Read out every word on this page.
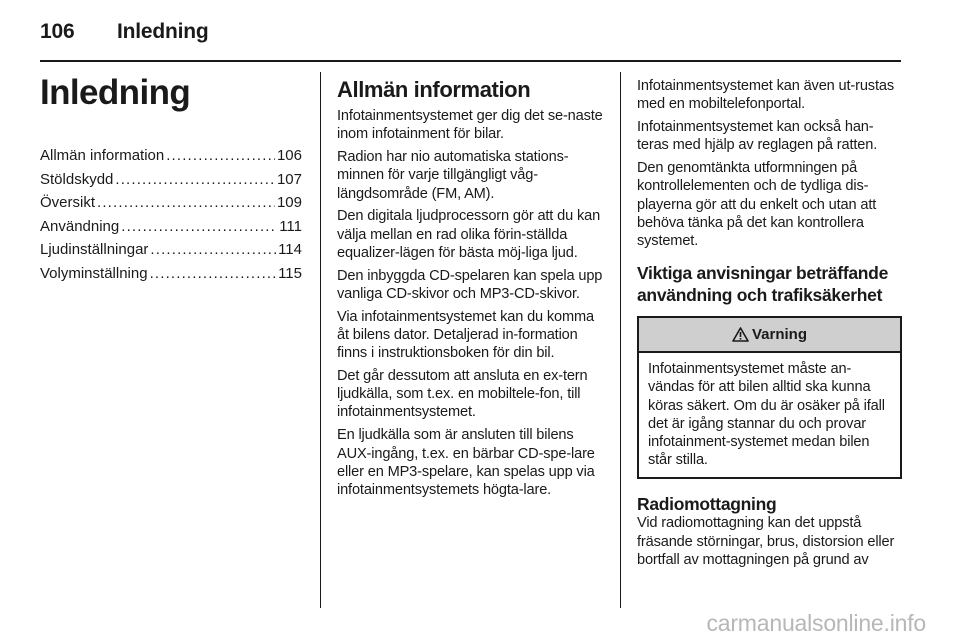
106 Inledning
Inledning
Allmän information . . .	106
Stöldskydd . . .	107
Översikt . . .	109
Användning . . .	111
Ljudinställningar . . .	114
Volyminställning . . .	115
Allmän information

Infotainmentsystemet ger dig det se-naste inom infotainment för bilar.

Radion har nio automatiska stations-minnen för varje tillgängligt våg-längdsområde (FM, AM).

Den digitala ljudprocessorn gör att du kan välja mellan en rad olika förin-ställda equalizer-lägen för bästa möj-liga ljud.

Den inbyggda CD-spelaren kan spela upp vanliga CD-skivor och MP3-CD-skivor.

Via infotainmentsystemet kan du komma åt bilens dator. Detaljerad in-formation finns i instruktionsboken för din bil.

Det går dessutom att ansluta en ex-tern ljudkälla, som t.ex. en mobiltele-fon, till infotainmentsystemet.

En ljudkälla som är ansluten till bilens AUX-ingång, t.ex. en bärbar CD-spe-lare eller en MP3-spelare, kan spelas upp via infotainmentsystemets högta-lare.

Infotainmentsystemet kan även ut-rustas med en mobiltelefonportal.

Infotainmentsystemet kan också han-teras med hjälp av reglagen på ratten.

Den genomtänkta utformningen på kontrollelementen och de tydliga dis-playerna gör att du enkelt och utan att behöva tänka på det kan kontrollera systemet.

Viktiga anvisningar beträffande användning och trafiksäkerhet
Varning

Infotainmentsystemet måste an-vändas för att bilen alltid ska kunna köras säkert. Om du är osäker på ifall det är igång stannar du och provar infotainment-systemet medan bilen står stilla.

Radiomottagning

Vid radiomottagning kan det uppstå fräsande störningar, brus, distorsion eller bortfall av mottagningen på grund av

carmanualsonline.info
